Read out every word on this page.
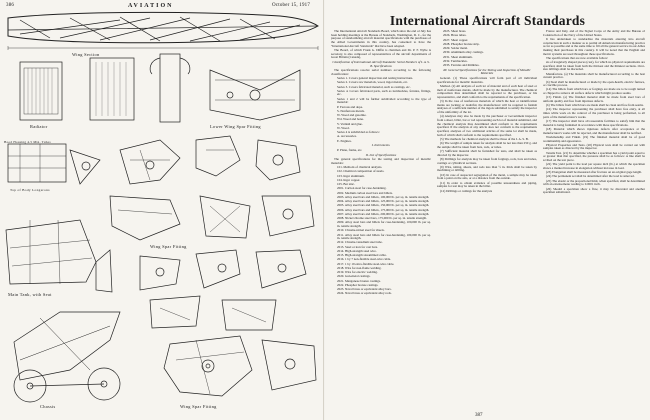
386	AVIATION	October 15, 1917
Wing Section
Radiator	Lower Wing Spar Fitting
Wing Spar Fitting
Main Tank, with Seat
Chassis	Wing Spar Fitting
Top of Body Longerons
Hood Housing 4.5 Min. Tubes
International Aircraft Standards

The International Aircraft Standards Board, which since the end of July has been holding meetings at the Bureau of Standards, Washington, D. C., for the purpose of standardizing aircraft material specifications with the purchases of the Allied Governments in this country, has consented to have the "International Aircraft Standards" that have been adopted.

The Board, of which Frank G. Diffin is chairman and Dr. P. F. Wylie is secretary, is also composed of representatives of the aircraft departments of Great Britain (Canada),

Classification of International Aircraft Standards: Serial Numbers of I. A. S. B. Specifications

The specifications resolve serial numbers according to the following classification:

Series 1. Covers general inspection and testing instructions.

Series 2. Covers raw materials, wood, ingot metals, etc.

Series 3. Covers fabricated material, such as castings, etc.

Series 4. Covers fabricated parts, such as turnbuckles, ferrules, fittings, etc.

Series 1 and 2 will be further subdivided according to the type of material:

P. Ferrous and dope.

S. Nonferrous metals.

W. Wood and gasoline.

Wd. Wood and bone.

V. Varnish and glue.

W. Wood.

Series 4 is subdivided as follows:

A. Accessories.

E. Engines.

I. Instruments.

P. Plane, frame, etc.

II. List of Specifications

The general specifications for the testing and inspection of metallic materials:

101. Methods of chemical analysis.

102. Chemical composition of steels.

103. Ingot aluminum.

104. Ingot copper.

105. Bar zinc.

2001. Carbon steel for case-hardening.

2002. Medium carbon steel bars and billets.

2003. Alloy steel bars and billets, 100,000 lb. per sq. in. tensile strength.

2004. Alloy steel bars and billets, 125,000 lb. per sq. in. tensile strength.

2005. Alloy steel bars and billets, 150,000 lb. per sq. in. tensile strength.

2006. Alloy steel bars and billets, 175,000 lb. per sq. in. tensile strength.

2007. Alloy steel bars and billets, 200,000 lb. per sq. in. tensile strength.

2008. Nickel chrome steel bars, 175,000 lb. per sq. in. tensile strength.

2009. Alloy steel bars and billets for case-hardening, 100,000 lb. per sq. in. tensile strength.

2010. Chrome-nickel steel for sheets.

2011. Alloy steel bars and billets for case-hardening, 100,000 lb. per sq. in. tensile strength.

2012. Chrome-vanadium steel tube.

2013. Steel or iron for cast bars.

2014. High-strength steel wire.

2015. High-strength streamlined cable.

2016. 1 by 7 non-flexible steel-wire cable.

2017. 1 by 19 extra-flexible steel-wire cable.

2018. Wire for non-flame welding.

2019. Wire for electric welding.

2020. Gun-metal castings.

2021. Manganese bronze castings.

2022. Phosphor bronze castings.

2023. Naval brass or equivalent alloy bars.

2024. Naval brass or equivalent alloy rods.

2025. Sheet brass.

2026. Brass tubes.

2027. Sheet copper.

2028. Phosphor bronze strip.

2029. Solder metal.

2030. Aluminum alloy castings.

2031. Sheet aluminum.

2032. Turnbuckles.

2033. Ferrules and thimbles.

III. General Specifications for the Testing and Inspection of Metallic Materials

General. (1) These specifications will form part of all individual specifications for metallic materials.

Method. (2) All analysis of each lot of material and of each heat of steel or melt of nonferrous metals, shall be made by the manufacturer. The chemical composition thus determined shall be reported to the purchaser, or his representative, and shall conform to the requirements of the specification.

(3) In the case of nonferrous materials of which the heat or identification marks are lacking or doubtful, the manufacturer will be required to furnish analyses of a sufficient number of the ingots submitted to satisfy the inspector of the uniformity of the lot.

(4) Analyses may also be made by the purchaser or Government inspector from a sheet, billet, bar or rod representing each lot of material submitted, and the chemical analysis thus determined shall conform to the requirements specified. If the analysis of any article does not conform to the requirements specified, analyses of two additional articles of the same lot shall be made, both of which shall conform to the requirements specified.

(5) The methods for chemical analysis shall be those of the I. A. S. B.

(6) The weight of sample taken for analysis shall be not less than 250 g. and the sample shall be taken from bars, rods, or tubes.

(7) Sufficient material shall be furnished for tests, and shall be taken as directed by the inspector.

(8) Drillings for analysis may be taken from forgings, rods, bars and tubes, castings or cylindrical sections.

(9) Wire, tubing, sheets, and rods less than ½ in. thick shall be taken by machining or drilling.

(10) In case of suspected segregation of the metal, a sample may be taken from a point on the axis, or at a distance from the outside.

(11) In order to obtain evidence of possible unsoundness and piping, samples for test may be taken in the billet.

(12) Drillings or cuttings for the analysis

France and Italy, and of the Signal Corps of the Army and the Bureau of Construction of the Navy of the United States.

It has undertaken to standardize the materials entering into aircraft construction in such a manner as to permit all American manufacturing practice as far as possible and at the same time to fill all the general service in our Allies making their purchases in this country. It will be noted that the English and metric systems are used throughout these specifications.

The specifications that are now available follow:

sis of irregularly shaped pieces (cast), for which no physical requirements are specified, shall be taken from both the thickest and the thinnest sections. Over-size drillings shall be discarded.

Manufacture. (a) The materials shall be manufactured according to the best current practice.

(b) Steel shall be manufactured or made by the open-hearth, electric furnace, or crucible process.

(14) The billets from which bars or forgings are made are to be rough turned or chipped to remove all surface defects which might produce seams.

(15) Finish. (a) The finished material shall be made from steel bars of uniform quality and free from injurious defects.

(b) The billets from which bars are made shall be clean and free from seams.

(16) The inspector representing the purchaser shall have free entry, at all times while work on the contract of the purchaser is being performed, to all parts of the manufacturer's works.

(17) The inspector shall have all reasonable facilities to satisfy him that the material is being furnished in accordance with these specifications.

(18) Material which shows injurious defects after acceptance at the manufacturer's works will be rejected, and the manufacturer shall be notified.

Workmanship and Finish. (19) The finished material shall be of good workmanship and appearance.

Physical Properties and Tests. (20) Physical tests shall be carried out with samples taken as directed by the inspector.

Tensile Test. (21) To determine whether a specimen has a yield point equal to or greater than that specified, the pressure shall be as follows: A line shall be scribed on the test piece.

(22) The yield point is the load per square inch (lb.) at which the specimen shows a marked increase in elongation without increase in load.

(23) Elongation shall be measured after fracture on an original gage length.

(24) The permanent set shall be determined after the load is removed.

(25) The elastic or the proportional limit, when specified, shall be determined with an extensometer reading to 0.0001 inch.

(26) Should a specimen show a flaw, it may be discarded and another specimen substituted.

387
